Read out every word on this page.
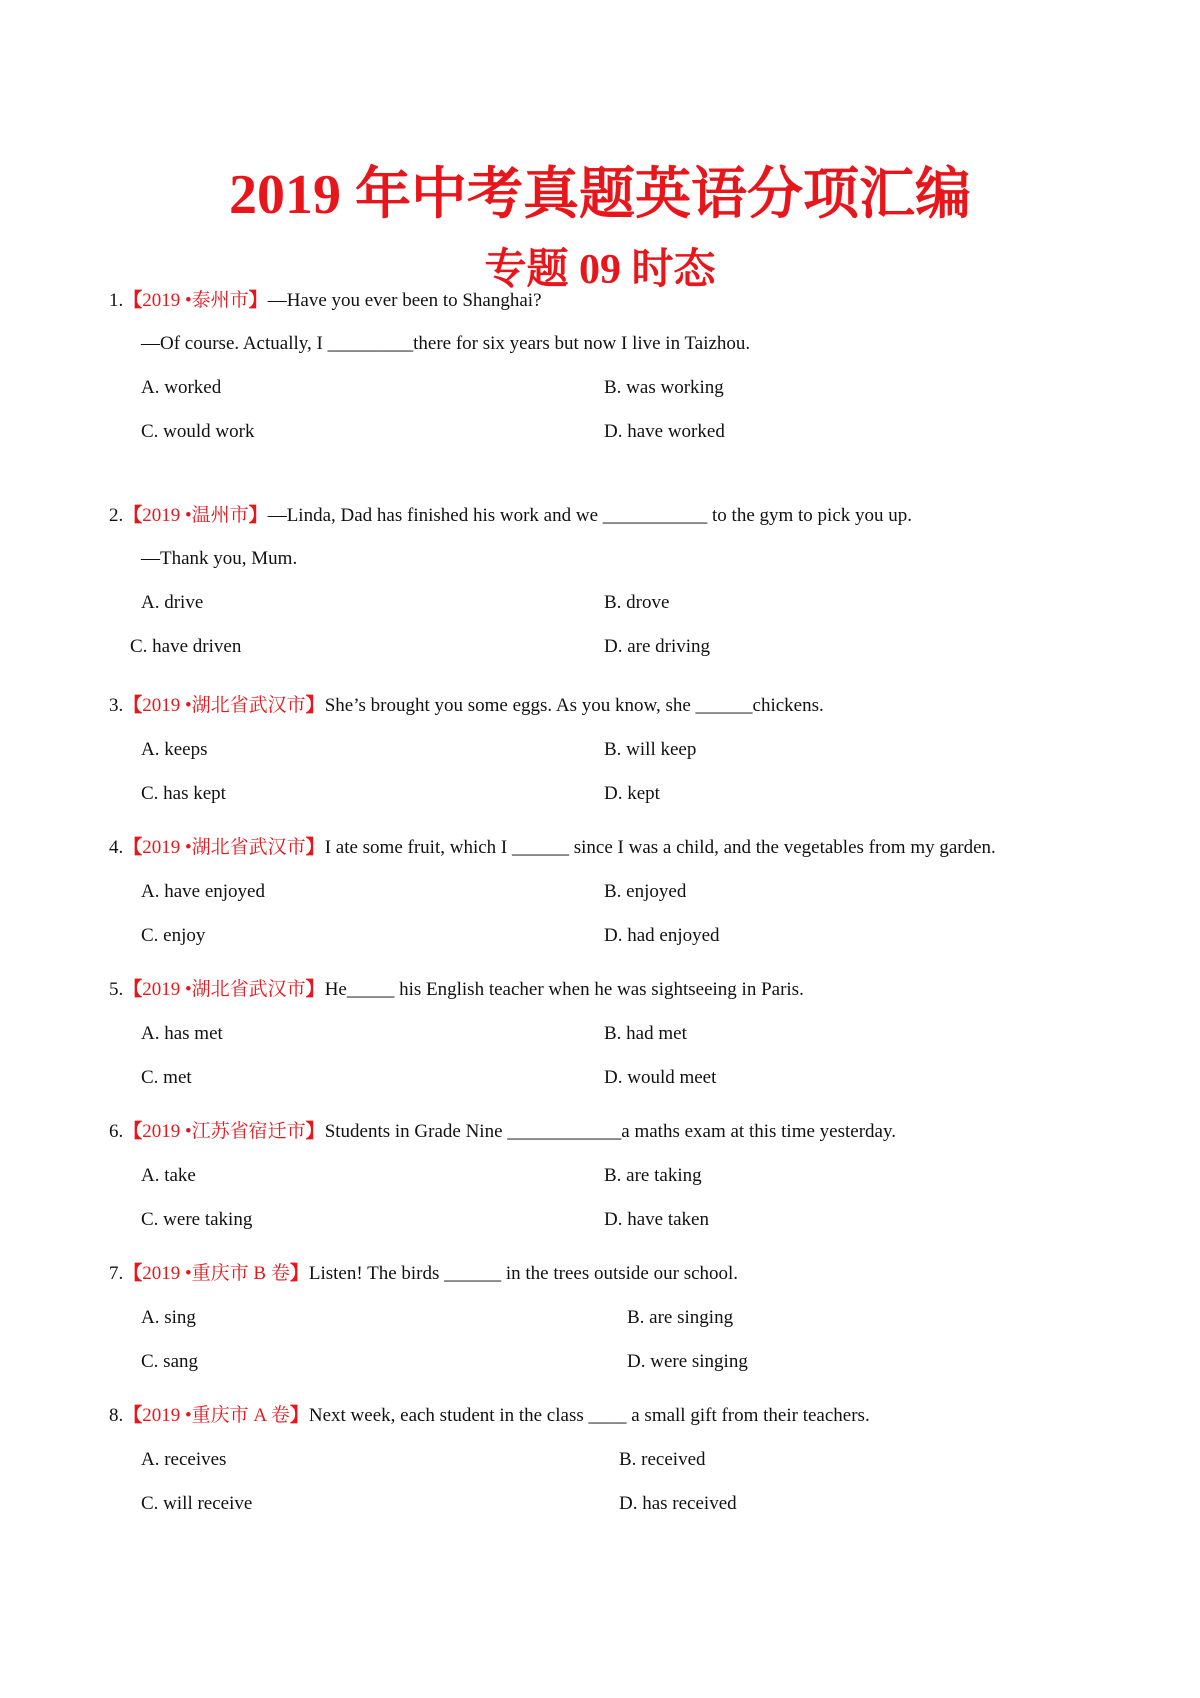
2019 年中考真题英语分项汇编
专题 09 时态
1.【2019 •泰州市】—Have you ever been to Shanghai?
—Of course. Actually, I _________there for six years but now I live in Taizhou.
A. worked	B. was working
C. would work	D. have worked
2.【2019 •温州市】—Linda, Dad has finished his work and we ___________ to the gym to pick you up.
—Thank you, Mum.
A. drive	B. drove
C. have driven	D. are driving
3.【2019 •湖北省武汉市】She’s brought you some eggs. As you know, she ______chickens.
A. keeps	B. will keep
C. has kept	D. kept
4.【2019 •湖北省武汉市】I ate some fruit, which I ______ since I was a child, and the vegetables from my garden.
A. have enjoyed	B. enjoyed
C. enjoy	D. had enjoyed
5.【2019 •湖北省武汉市】He_____ his English teacher when he was sightseeing in Paris.
A. has met	B. had met
C. met	D. would meet
6.【2019 •江苏省宿迁市】Students in Grade Nine ____________a maths exam at this time yesterday.
A. take	B. are taking
C. were taking	D. have taken
7.【2019 •重庆市 B 卷】Listen! The birds ______ in the trees outside our school.
A. sing	B. are singing
C. sang	D. were singing
8.【2019 •重庆市 A 卷】Next week, each student in the class ____ a small gift from their teachers.
A. receives	B. received
C. will receive	D. has received
